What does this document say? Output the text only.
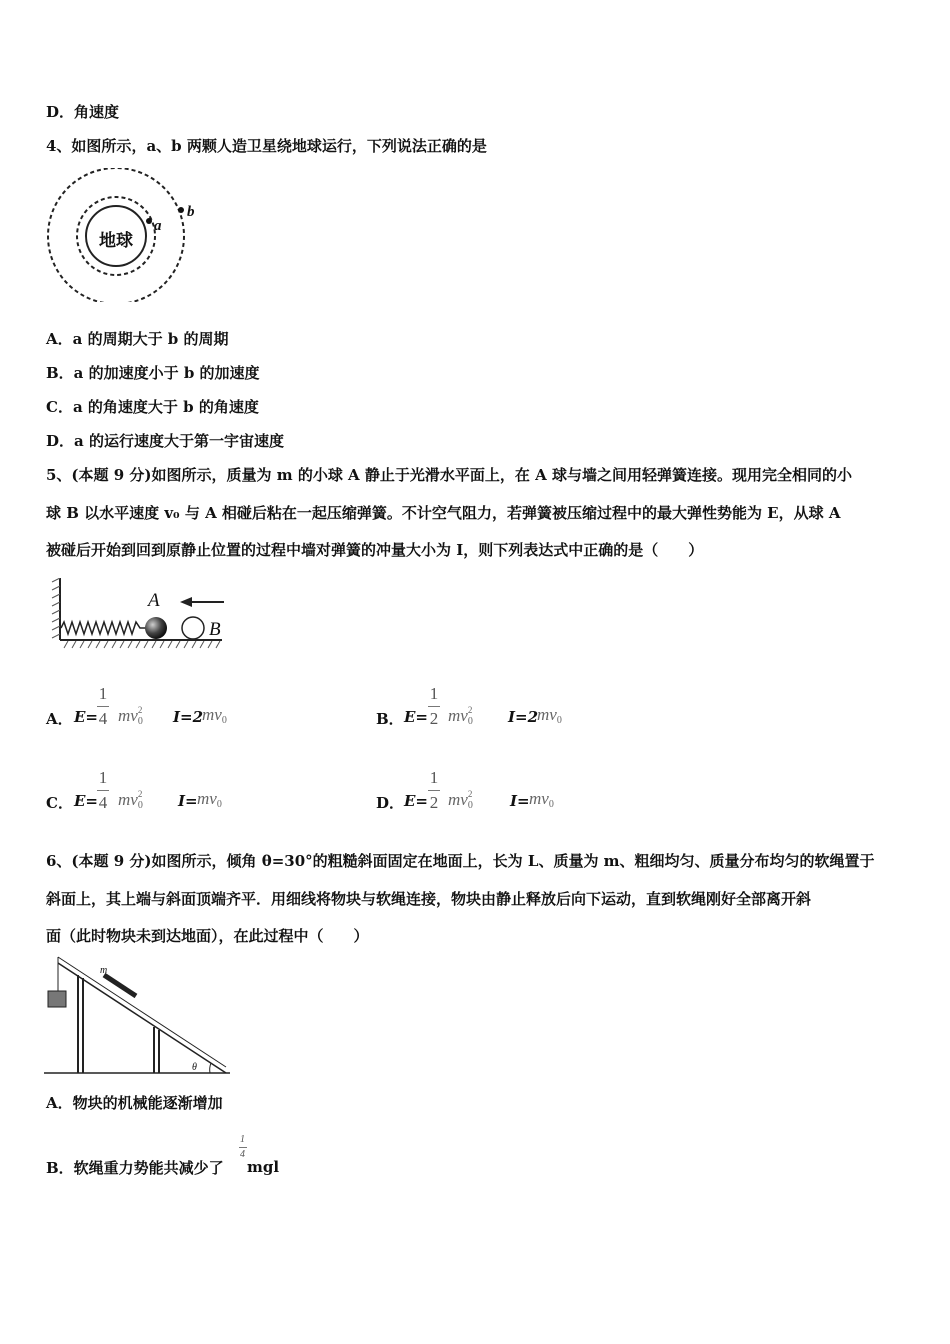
D．角速度
4、如图所示，a、b 两颗人造卫星绕地球运行，下列说法正确的是
地球
a
b
A．a 的周期大于 b 的周期
B．a 的加速度小于 b 的加速度
C．a 的角速度大于 b 的角速度
D．a 的运行速度大于第一宇宙速度
5、(本题 9 分)如图所示，质量为 m 的小球 A 静止于光滑水平面上，在 A 球与墙之间用轻弹簧连接。现用完全相同的小
球 B 以水平速度 v₀ 与 A 相碰后粘在一起压缩弹簧。不计空气阻力，若弹簧被压缩过程中的最大弹性势能为 E，从球 A
被碰后开始到回到原静止位置的过程中墙对弹簧的冲量大小为 I，则下列表达式中正确的是（　　）
A
B
A． E=
1
4 $mv_0^2$ I=2
$mv_0$	B． E=
1
2 $mv_0^2$ I=2
$mv_0$
C． E=
1
4 $mv_0^2$ $I= mv_0$	D． E=
1
2 $mv_0^2$	$I= mv_0$
6、(本题 9 分)如图所示，倾角 θ=30°的粗糙斜面固定在地面上，长为 L、质量为 m、粗细均匀、质量分布均匀的软绳置于
斜面上，其上端与斜面顶端齐平．用细线将物块与软绳连接，物块由静止释放后向下运动，直到软绳刚好全部离开斜
面（此时物块未到达地面），在此过程中（　　）
m
θ
A．物块的机械能逐渐增加
B．软绳重力势能共减少了
1
4
mgl
